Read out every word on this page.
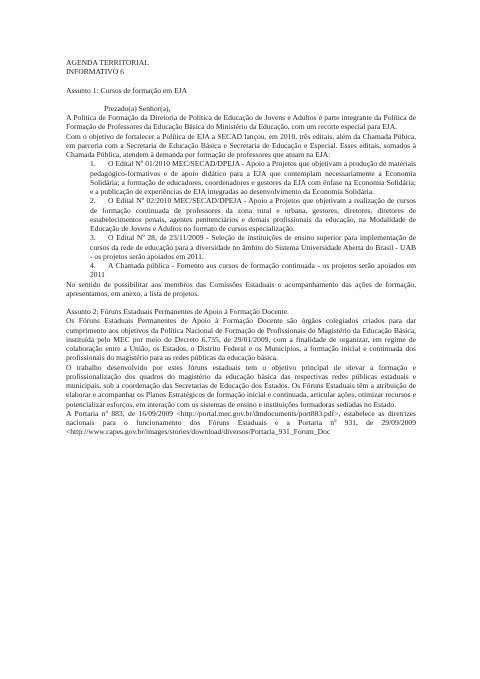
AGENDA TERRITORIAL

INFORMATIVO 6

Assunto 1: Cursos de formação em EJA

Prezado(a) Senhor(a),

A Política de Formação da Diretoria de Política de Educação de Jovens e Adultos é parte integrante da Política de Formação de Professores da Educação Básica do Ministério da Educação, com um recorte especial para EJA.

Com o objetivo de fortalecer a Política de EJA a SECAD lançou, em 2010, três editais, além da Chamada Púbica, em parceria com a Secretaria de Educação Básica e Secretaria de Educação e Especial. Esses editais, somados à Chamada Pública, atendem à demanda por formação de professores que atuam na EJA:

1. O Edital Nº 01/2010 MEC/SECAD/DPEJA - Apoio a Projetos que objetivam a produção de materiais pedagógico-formativos e de apoio didático para a EJA que contemplam necessariamente a Economia Solidária; a formação de educadores, coordenadores e gestores da EJA com ênfase na Economia Solidária; e a publicação de experiências de EJA integradas ao desenvolvimento da Economia Solidária.

2. O Edital Nº 02/2010 MEC/SECAD/DPEJA - Apoio a Projetos que objetivam a realização de cursos de formação continuada de professores da zona rural e urbana, gestores, diretores, diretores de estabelecimentos penais, agentes penitenciários e demais profissionais da educação, na Modalidade de Educação de Jovens e Adultos no formato de cursos especialização.

3. O Edital Nº 28, de 23/11/2009 - Seleção de instituições de ensino superior para implementação de cursos da rede de educação para a diversidade no âmbito do Sistema Universidade Aberta do Brasil - UAB - os projetos serão apoiados em 2011.

4. A Chamada pública - Fomento aos cursos de formação continuada - os projetos serão apoiados em 2011

No sentido de possibilitar aos membros das Comissões Estaduais o acompanhamento das ações de formação, apresentamos, em anexo, a lista de projetos.

Assunto 2: Fóruns Estaduais Permanentes de Apoio à Formação Docente.

Os Fóruns Estaduais Permanentes de Apoio à Formação Docente são órgãos colegiados criados para dar cumprimento aos objetivos da Política Nacional de Formação de Profissionais do Magistério da Educação Básica, instituída pelo MEC por meio do Decreto 6.755, de 29/01/2009, com a finalidade de organizar, em regime de colaboração entre a União, os Estados, o Distrito Federal e os Municípios, a formação inicial e continuada dos profissionais do magistério para as redes públicas da educação básica.

O trabalho desenvolvido por estes fóruns estaduais tem o objetivo principal de elevar a formação e profissionalização dos quadros do magistério da educação básica das respectivas redes públicas estaduais e municipais, sob a coordenação das Secretarias de Educação dos Estados. Os Fóruns Estaduais têm a atribuição de elaborar e acompanhar os Planos Estratégicos de formação inicial e continuada, articular ações, otimizar recursos e potencializar esforços, em interação com os sistemas de ensino e instituições formadoras sediadas no Estado.

A Portaria nº 883, de 16/09/2009 <http://portal.mec.gov.br/dmdocuments/port883.pdf>, estabelece as diretrizes nacionais para o funcionamento dos Fóruns Estaduais e a Portaria nº 931, de 29/09/2009 <http://www.capes.gov.br/images/stories/download/diversos/Portaria_931_Forum_Doc
